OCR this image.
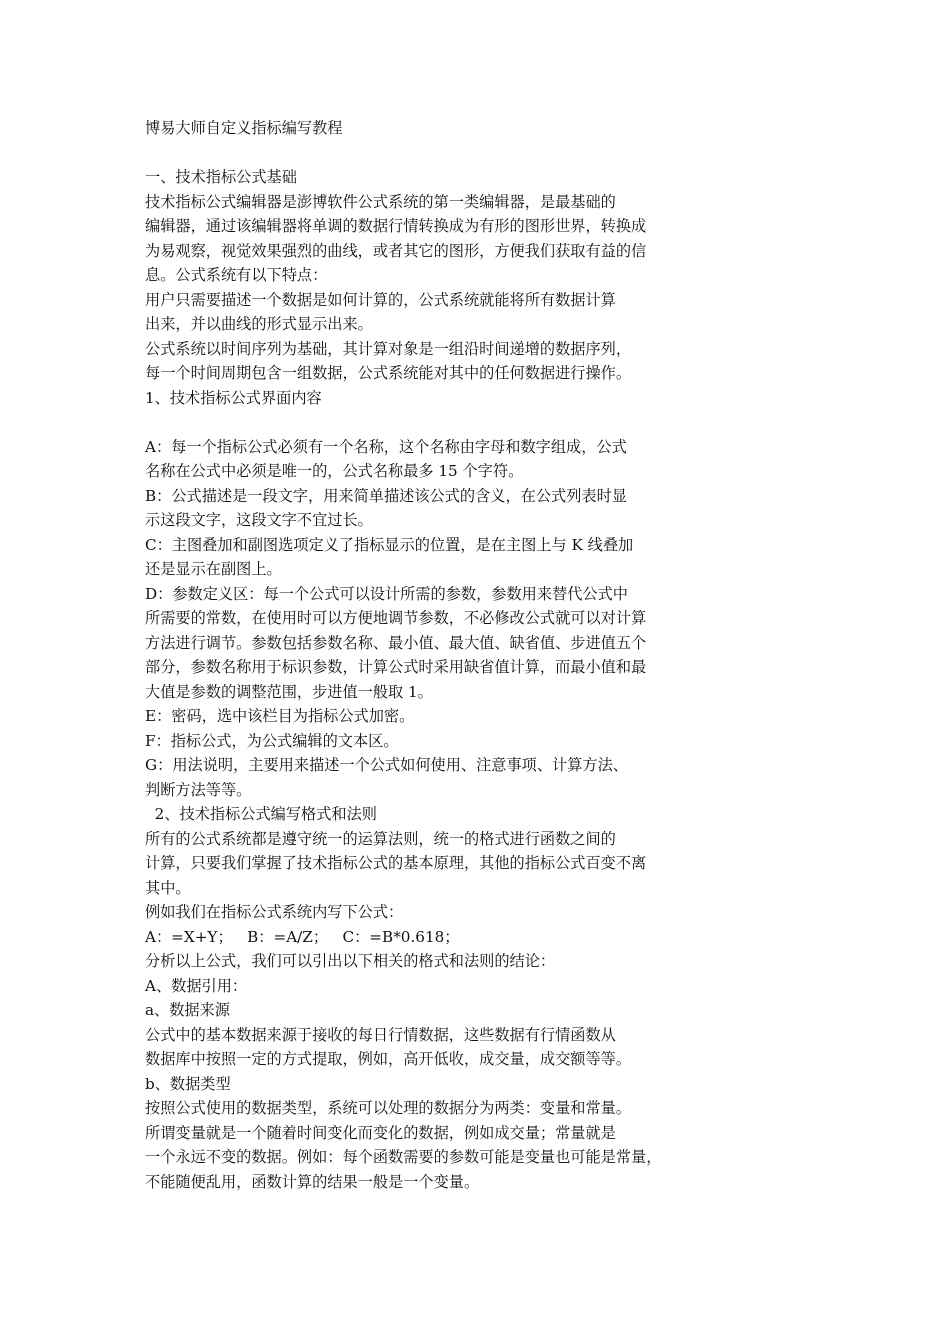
博易大师自定义指标编写教程
一、技术指标公式基础
技术指标公式编辑器是澎博软件公式系统的第一类编辑器，是最基础的
编辑器，通过该编辑器将单调的数据行情转换成为有形的图形世界，转换成
为易观察，视觉效果强烈的曲线，或者其它的图形，方便我们获取有益的信
息。公式系统有以下特点：
用户只需要描述一个数据是如何计算的，公式系统就能将所有数据计算
出来，并以曲线的形式显示出来。
公式系统以时间序列为基础，其计算对象是一组沿时间递增的数据序列，
每一个时间周期包含一组数据，公式系统能对其中的任何数据进行操作。
1、技术指标公式界面内容
A：每一个指标公式必须有一个名称，这个名称由字母和数字组成，公式
名称在公式中必须是唯一的，公式名称最多 15 个字符。
B：公式描述是一段文字，用来简单描述该公式的含义，在公式列表时显
示这段文字，这段文字不宜过长。
C：主图叠加和副图选项定义了指标显示的位置，是在主图上与 K 线叠加
还是显示在副图上。
D：参数定义区：每一个公式可以设计所需的参数，参数用来替代公式中
所需要的常数，在使用时可以方便地调节参数，不必修改公式就可以对计算
方法进行调节。参数包括参数名称、最小值、最大值、缺省值、步进值五个
部分，参数名称用于标识参数，计算公式时采用缺省值计算，而最小值和最
大值是参数的调整范围，步进值一般取 1。
E：密码，选中该栏目为指标公式加密。
F：指标公式，为公式编辑的文本区。
G：用法说明，主要用来描述一个公式如何使用、注意事项、计算方法、
判断方法等等。
2、技术指标公式编写格式和法则
所有的公式系统都是遵守统一的运算法则，统一的格式进行函数之间的
计算，只要我们掌握了技术指标公式的基本原理，其他的指标公式百变不离
其中。
例如我们在指标公式系统内写下公式：
A：=X+Y；   B：=A/Z；   C：=B*0.618；
分析以上公式，我们可以引出以下相关的格式和法则的结论：
A、数据引用：
a、数据来源
公式中的基本数据来源于接收的每日行情数据，这些数据有行情函数从
数据库中按照一定的方式提取，例如，高开低收，成交量，成交额等等。
b、数据类型
按照公式使用的数据类型，系统可以处理的数据分为两类：变量和常量。
所谓变量就是一个随着时间变化而变化的数据，例如成交量；常量就是
一个永远不变的数据。例如：每个函数需要的参数可能是变量也可能是常量，
不能随便乱用，函数计算的结果一般是一个变量。
